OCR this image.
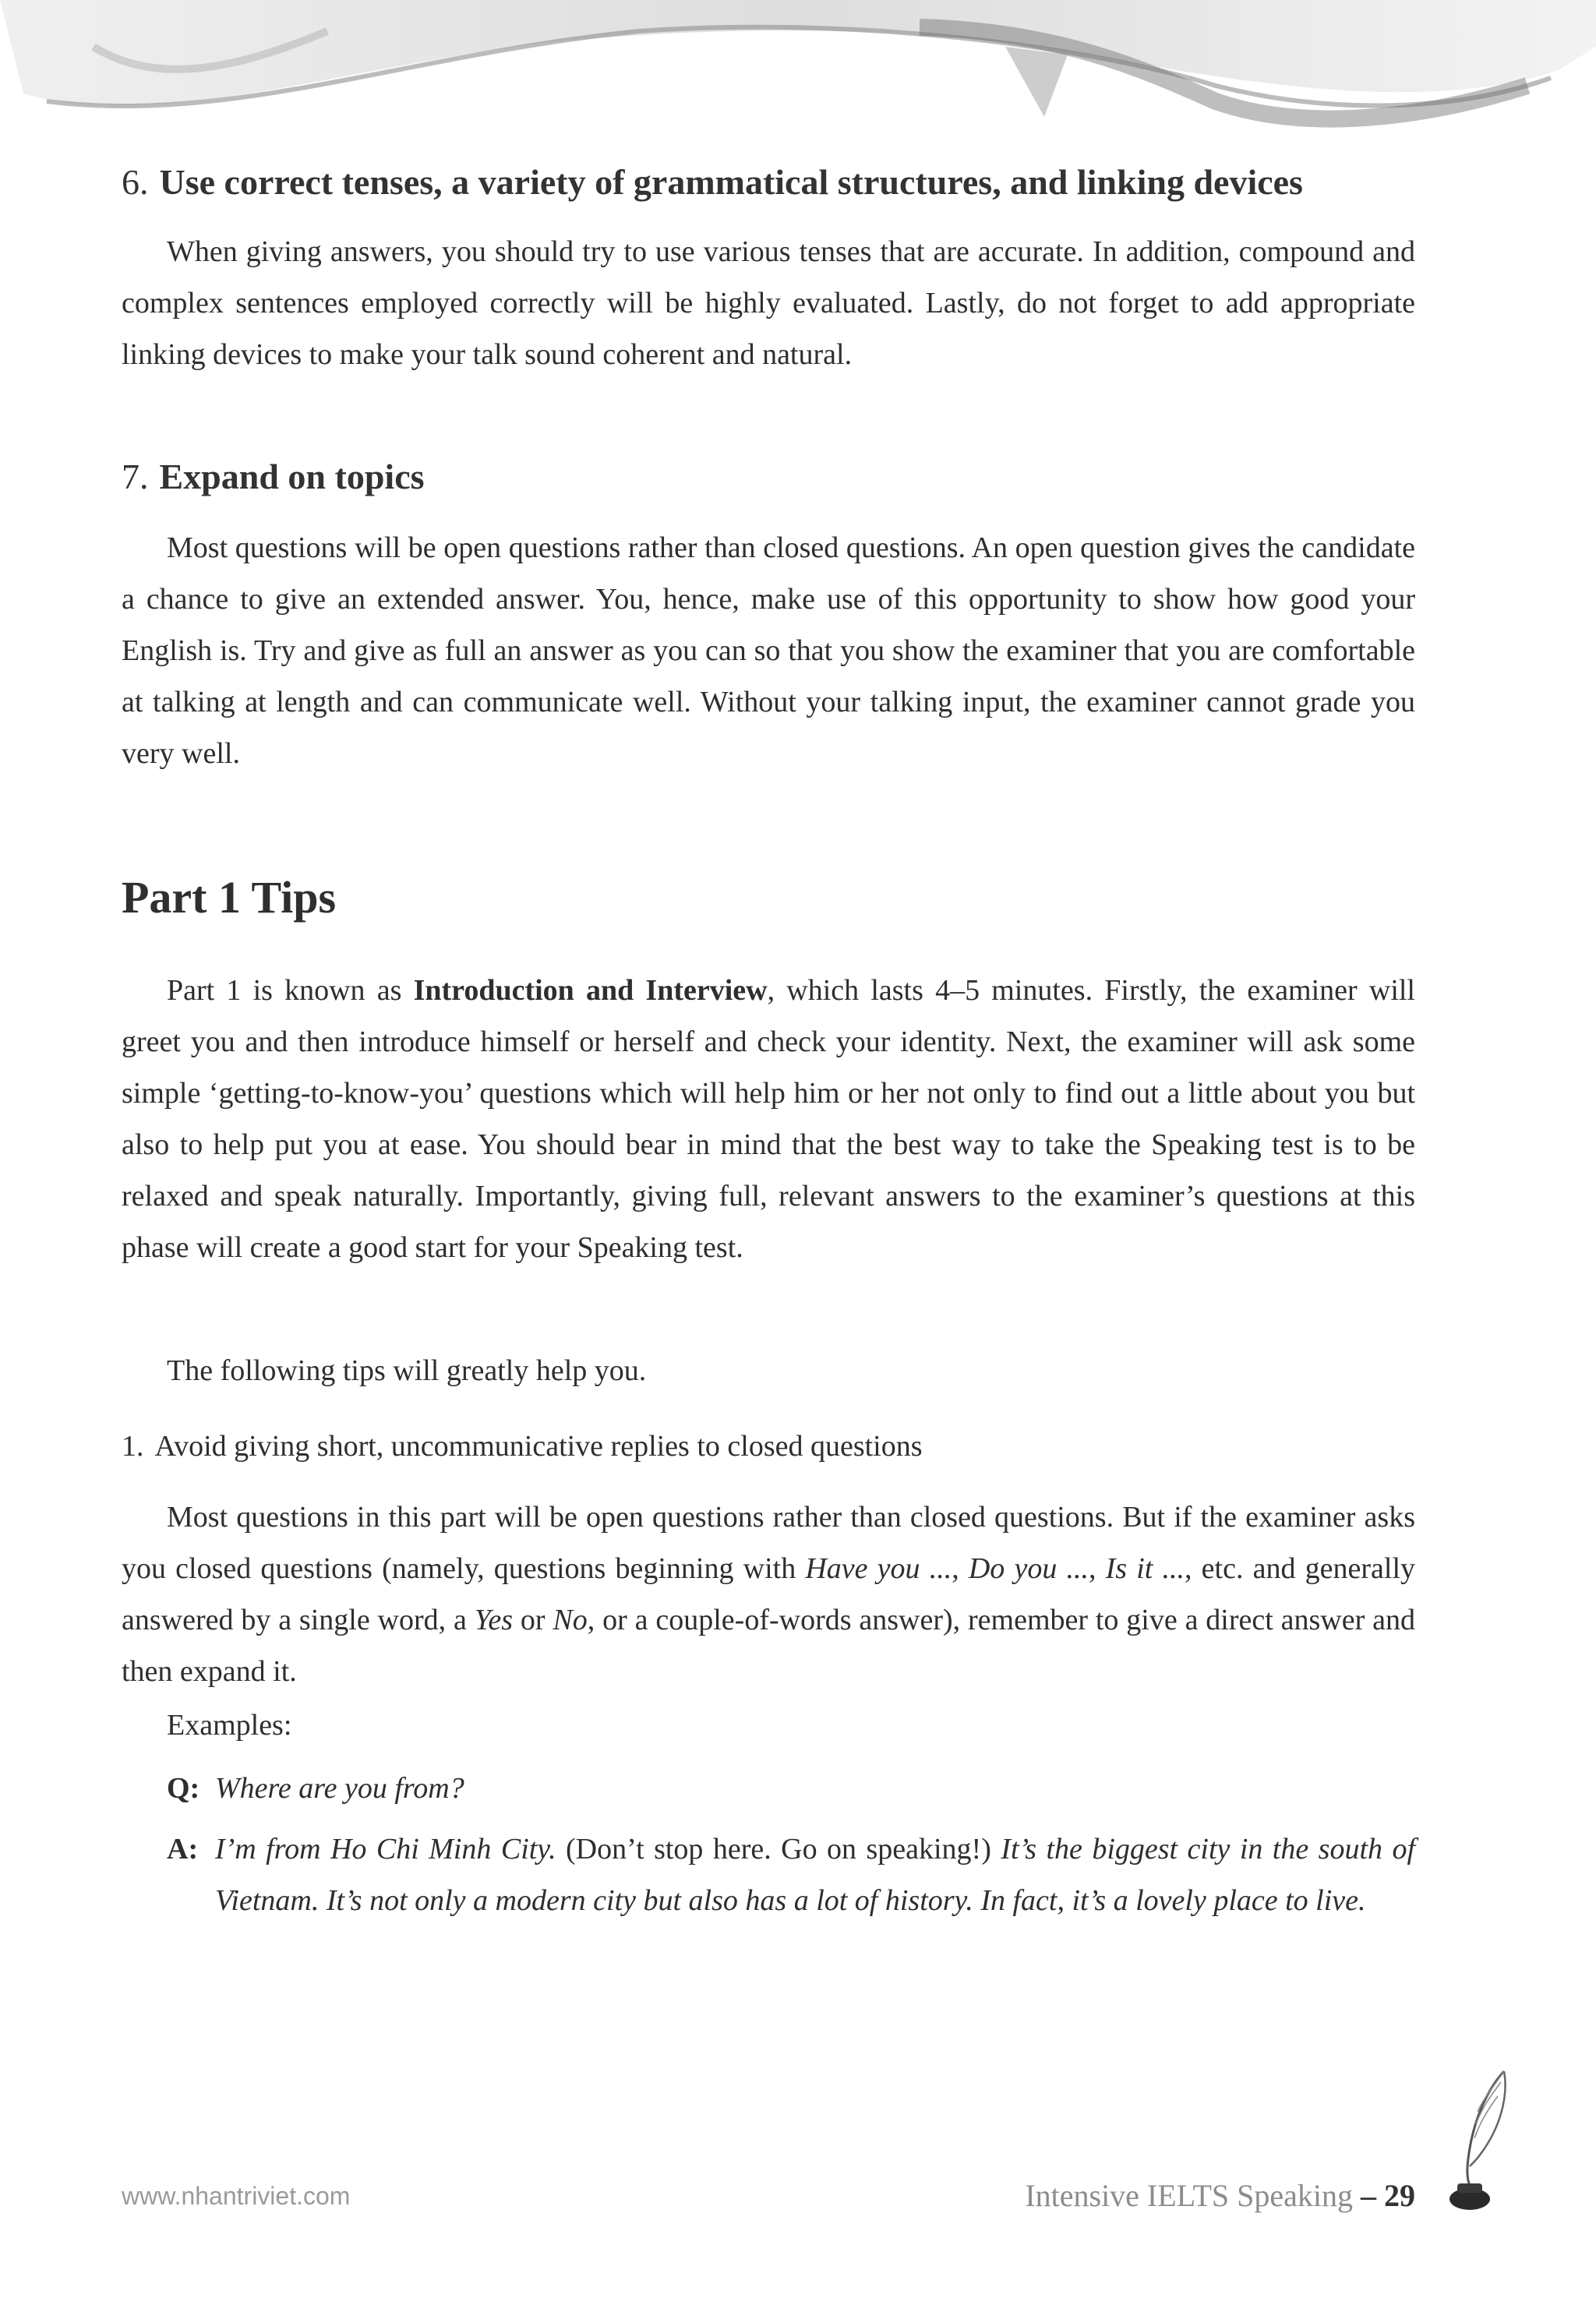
6. Use correct tenses, a variety of grammatical structures, and linking devices

When giving answers, you should try to use various tenses that are accurate. In addition, compound and complex sentences employed correctly will be highly evaluated. Lastly, do not forget to add appropriate linking devices to make your talk sound coherent and natural.

7. Expand on topics

Most questions will be open questions rather than closed questions. An open question gives the candidate a chance to give an extended answer. You, hence, make use of this opportunity to show how good your English is. Try and give as full an answer as you can so that you show the examiner that you are comfortable at talking at length and can communicate well. Without your talking input, the examiner cannot grade you very well.

Part 1 Tips

Part 1 is known as Introduction and Interview, which lasts 4–5 minutes. Firstly, the examiner will greet you and then introduce himself or herself and check your identity. Next, the examiner will ask some simple ‘getting-to-know-you’ questions which will help him or her not only to find out a little about you but also to help put you at ease. You should bear in mind that the best way to take the Speaking test is to be relaxed and speak naturally. Importantly, giving full, relevant answers to the examiner’s questions at this phase will create a good start for your Speaking test.

The following tips will greatly help you.

1. Avoid giving short, uncommunicative replies to closed questions

Most questions in this part will be open questions rather than closed questions. But if the examiner asks you closed questions (namely, questions beginning with Have you ..., Do you ..., Is it ..., etc. and generally answered by a single word, a Yes or No, or a couple-of-words answer), remember to give a direct answer and then expand it.

Examples:
Q: Where are you from?
A: I’m from Ho Chi Minh City. (Don’t stop here. Go on speaking!) It’s the biggest city in the south of Vietnam. It’s not only a modern city but also has a lot of history. In fact, it’s a lovely place to live.
www.nhantriviet.com	Intensive IELTS Speaking – 29
